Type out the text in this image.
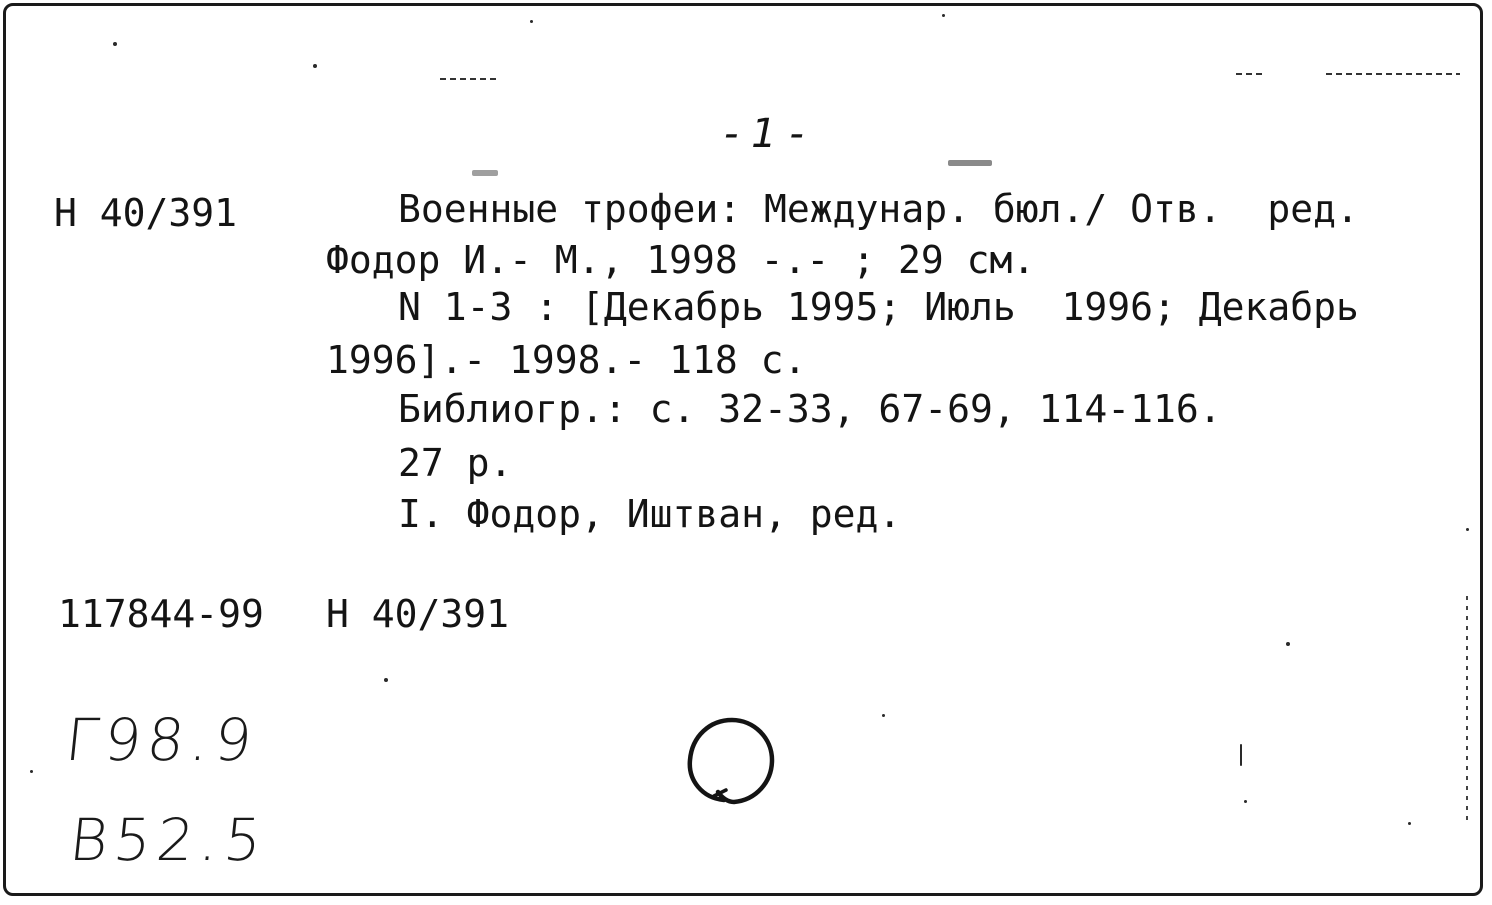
- 1 -
Н 40/391	Военные трофеи: Междунар. бюл./ Отв.  ред.
Фодор И.- М., 1998 -.- ; 29 см.
N 1-3 : [Декабрь 1995; Июль  1996; Декабрь
1996].- 1998.- 118 с.
Библиогр.: с. 32-33, 67-69, 114-116.
27 р.
I. Фодор, Иштван, ред.
117844-99 Н 40/391
Г98.9
В52.5
